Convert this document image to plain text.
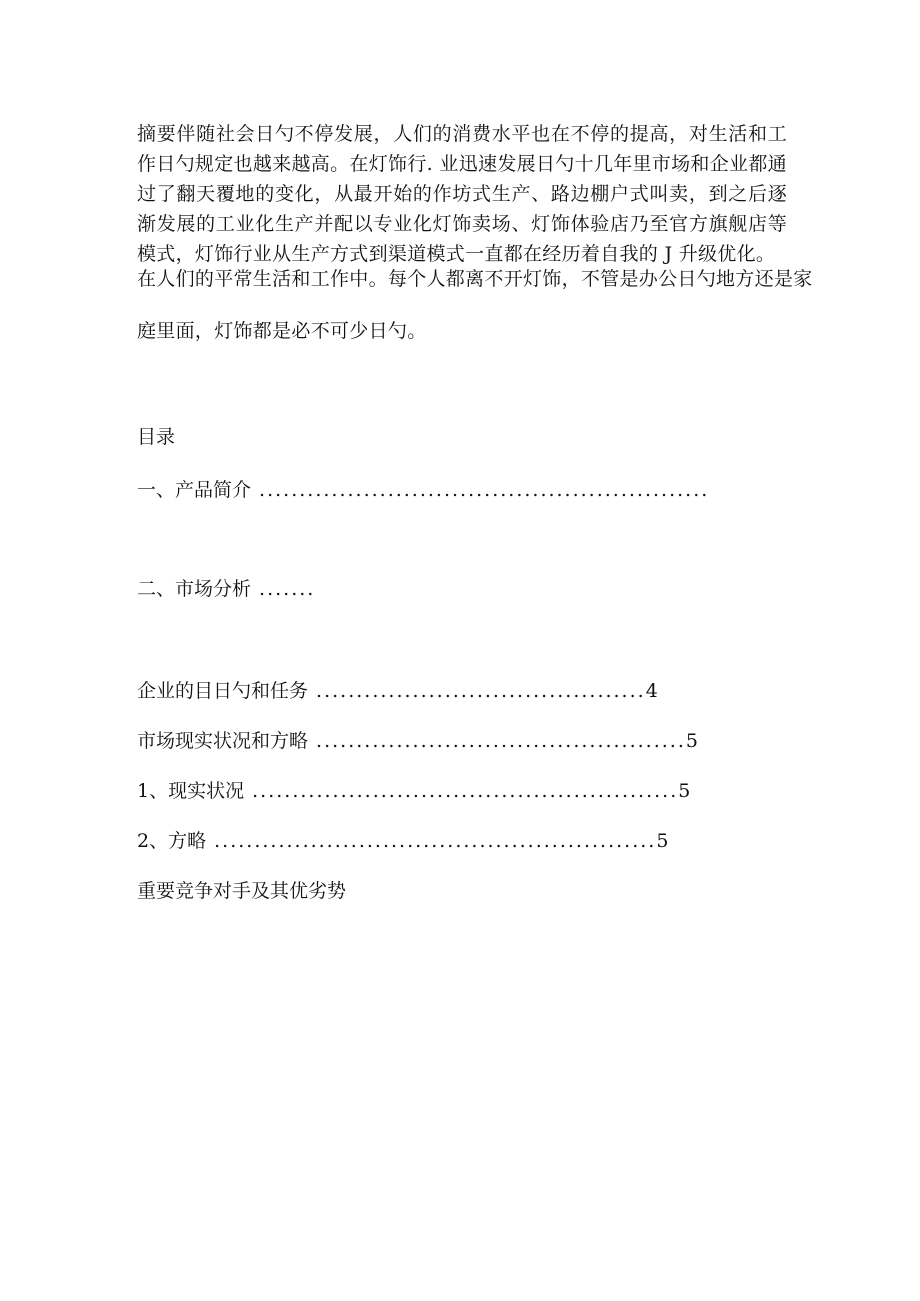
摘要伴随社会日勺不停发展，人们的消费水平也在不停的提高，对生活和工作日勺规定也越来越高。在灯饰行. 业迅速发展日勺十几年里市场和企业都通过了翻天覆地的变化，从最开始的作坊式生产、路边棚户式叫卖，到之后逐渐发展的工业化生产并配以专业化灯饰卖场、灯饰体验店乃至官方旗舰店等模式，灯饰行业从生产方式到渠道模式一直都在经历着自我的 J 升级优化。

在人们的平常生活和工作中。每个人都离不开灯饰，不管是办公日勺地方还是家

庭里面，灯饰都是必不可少日勺。

目录

一、产品简介 ........................................................

二、市场分析 .......

企业的目日勺和任务 .........................................4

市场现实状况和方略 ..............................................5

1、现实状况 .....................................................5

2、方略 .......................................................5

重要竞争对手及其优劣势
